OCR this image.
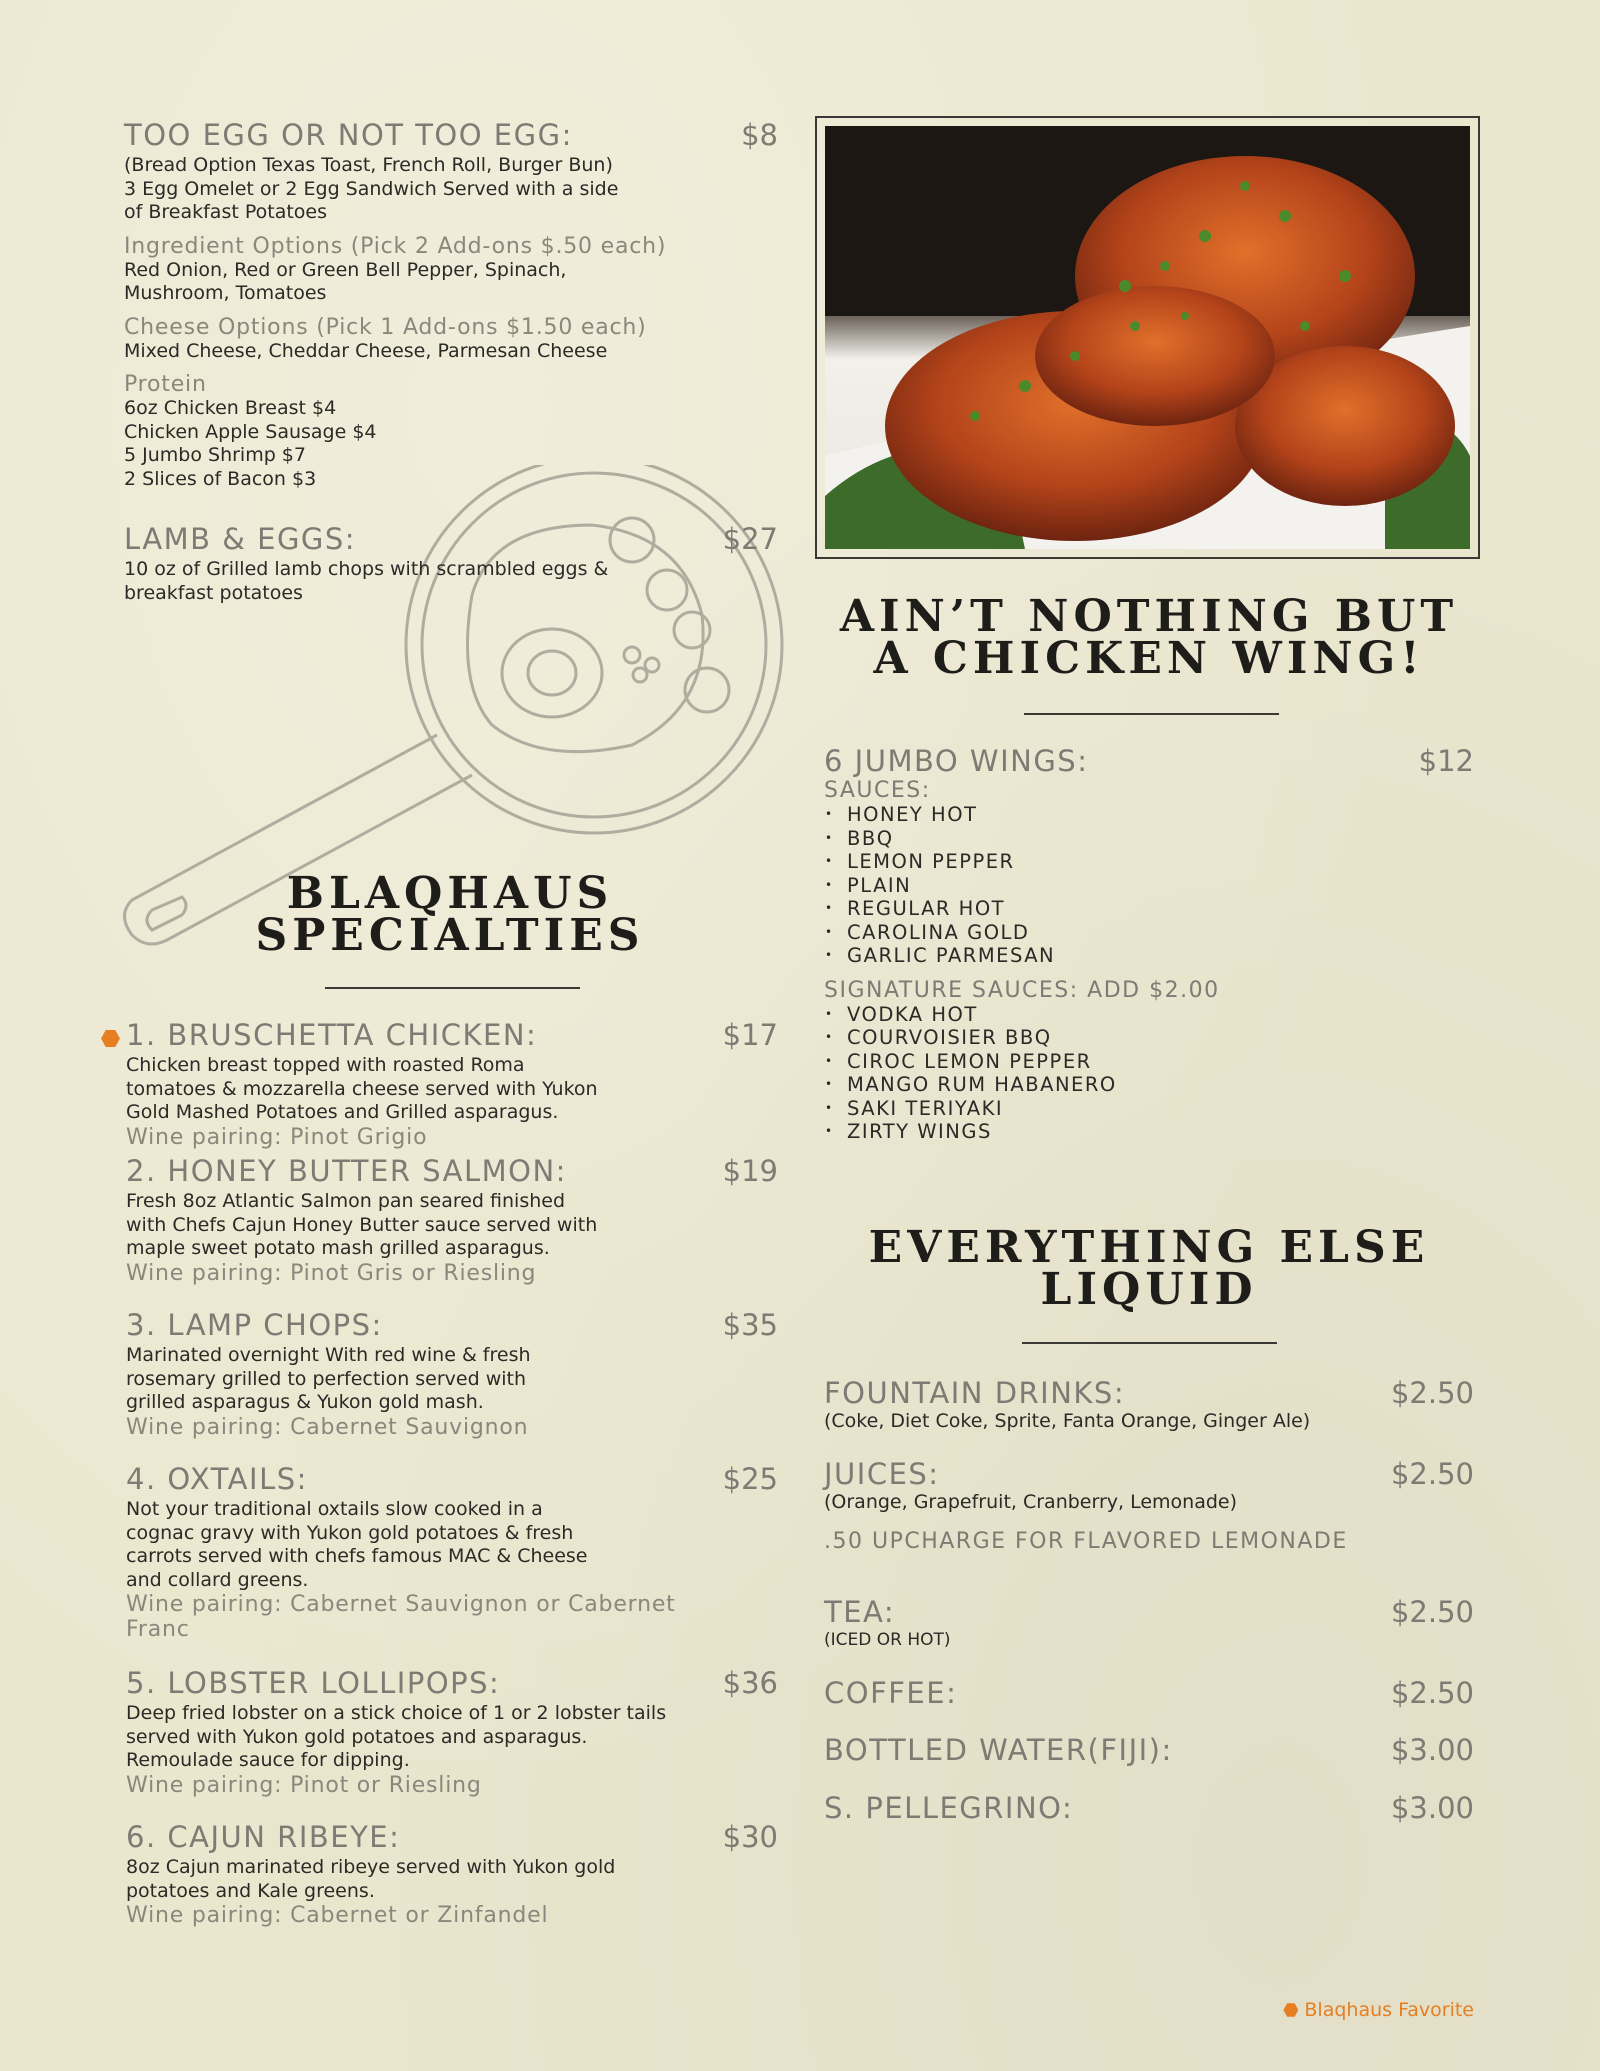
TOO EGG OR NOT TOO EGG:	$8
(Bread Option Texas Toast, French Roll, Burger Bun)
3 Egg Omelet or 2 Egg Sandwich Served with a side
of Breakfast Potatoes
Ingredient Options (Pick 2 Add-ons $.50 each)
Red Onion, Red or Green Bell Pepper, Spinach,
Mushroom, Tomatoes
Cheese Options (Pick 1 Add-ons $1.50 each)
Mixed Cheese, Cheddar Cheese, Parmesan Cheese
Protein
6oz Chicken Breast $4
Chicken Apple Sausage $4
5 Jumbo Shrimp $7
2 Slices of Bacon $3
LAMB & EGGS:	$27
10 oz of Grilled lamb chops with scrambled eggs &
breakfast potatoes
BLAQHAUS
SPECIALTIES
1. BRUSCHETTA CHICKEN:	$17
Chicken breast topped with roasted Roma
tomatoes & mozzarella cheese served with Yukon
Gold Mashed Potatoes and Grilled asparagus.
Wine pairing: Pinot Grigio
2. HONEY BUTTER SALMON:	$19
Fresh 8oz Atlantic Salmon pan seared finished
with Chefs Cajun Honey Butter sauce served with
maple sweet potato mash grilled asparagus.
Wine pairing: Pinot Gris or Riesling
3. LAMP CHOPS:	$35
Marinated overnight With red wine & fresh
rosemary grilled to perfection served with
grilled asparagus & Yukon gold mash.
Wine pairing: Cabernet Sauvignon
4. OXTAILS:	$25
Not your traditional oxtails slow cooked in a
cognac gravy with Yukon gold potatoes & fresh
carrots served with chefs famous MAC & Cheese
and collard greens.
Wine pairing: Cabernet Sauvignon or Cabernet
Franc
5. LOBSTER LOLLIPOPS:	$36
Deep fried lobster on a stick choice of 1 or 2 lobster tails
served with Yukon gold potatoes and asparagus.
Remoulade sauce for dipping.
Wine pairing: Pinot or Riesling
6. CAJUN RIBEYE:	$30
8oz Cajun marinated ribeye served with Yukon gold
potatoes and Kale greens.
Wine pairing: Cabernet or Zinfandel
AIN’T NOTHING BUT
A CHICKEN WING!
6 JUMBO WINGS:	$12
SAUCES:
• HONEY HOT
• BBQ
• LEMON PEPPER
• PLAIN
• REGULAR HOT
• CAROLINA GOLD
• GARLIC PARMESAN
SIGNATURE SAUCES: ADD $2.00
• VODKA HOT
• COURVOISIER BBQ
• CIROC LEMON PEPPER
• MANGO RUM HABANERO
• SAKI TERIYAKI
• ZIRTY WINGS
EVERYTHING ELSE
LIQUID
FOUNTAIN DRINKS:	$2.50
(Coke, Diet Coke, Sprite, Fanta Orange, Ginger Ale)
JUICES:	$2.50
(Orange, Grapefruit, Cranberry, Lemonade)
.50 UPCHARGE FOR FLAVORED LEMONADE
TEA:	$2.50
(ICED OR HOT)
COFFEE:	$2.50
BOTTLED WATER(FIJI):	$3.00
S. PELLEGRINO:	$3.00
Blaqhaus Favorite
